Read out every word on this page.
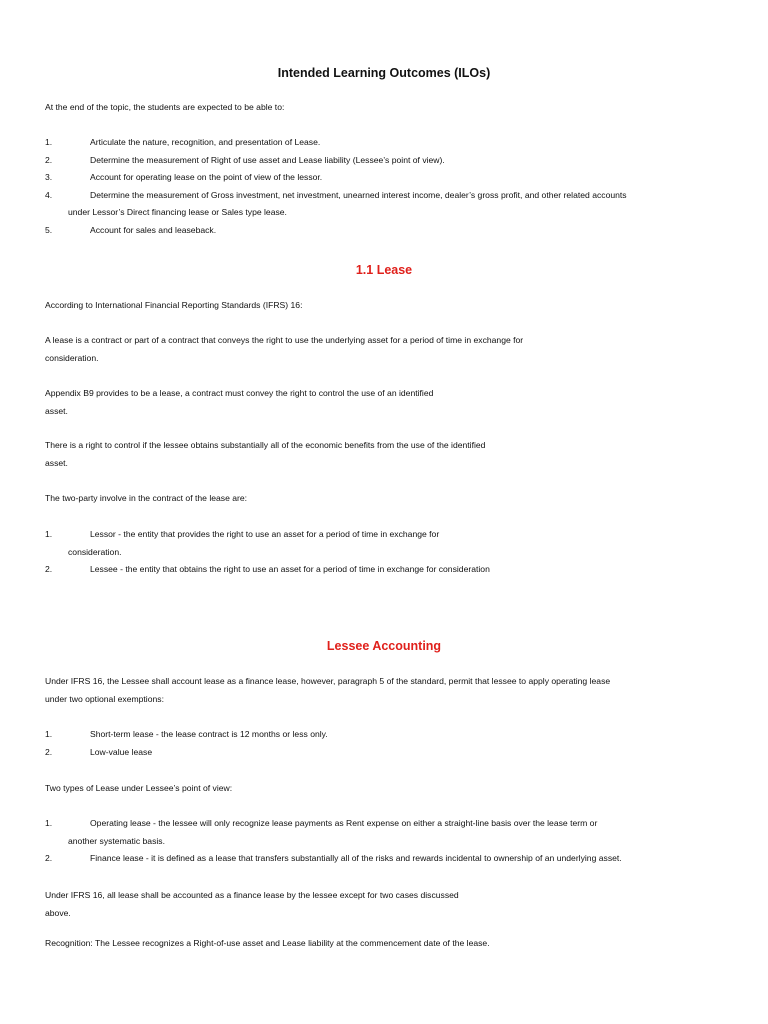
Intended Learning Outcomes (ILOs)
At the end of the topic, the students are expected to be able to:
1.	Articulate the nature, recognition, and presentation of Lease.
2.	Determine the measurement of Right of use asset and Lease liability (Lessee’s point of view).
3.	Account for operating lease on the point of view of the lessor.
4.	Determine the measurement of Gross investment, net investment, unearned interest income, dealer’s gross profit, and other related accounts
under Lessor’s Direct financing lease or Sales type lease.
5.	Account for sales and leaseback.
1.1 Lease
According to International Financial Reporting Standards (IFRS) 16:
A lease is a contract or part of a contract that conveys the right to use the underlying asset for a period of time in exchange for
consideration.
Appendix B9 provides to be a lease, a contract must convey the right to control the use of an identified
asset.
There is a right to control if the lessee obtains substantially all of the economic benefits from the use of the identified
asset.
The two-party involve in the contract of the lease are:
1.	Lessor - the entity that provides the right to use an asset for a period of time in exchange for
consideration.
2.	Lessee - the entity that obtains the right to use an asset for a period of time in exchange for consideration
Lessee Accounting
Under IFRS 16, the Lessee shall account lease as a finance lease, however, paragraph 5 of the standard, permit that lessee to apply operating lease
under two optional exemptions:
1.	Short-term lease - the lease contract is 12 months or less only.
2.	Low-value lease
Two types of Lease under Lessee’s point of view:
1.	Operating lease - the lessee will only recognize lease payments as Rent expense on either a straight-line basis over the lease term or
another systematic basis.
2.	Finance lease - it is defined as a lease that transfers substantially all of the risks and rewards incidental to ownership of an underlying asset.
Under IFRS 16, all lease shall be accounted as a finance lease by the lessee except for two cases discussed
above.
Recognition: The Lessee recognizes a Right-of-use asset and Lease liability at the commencement date of the lease.
